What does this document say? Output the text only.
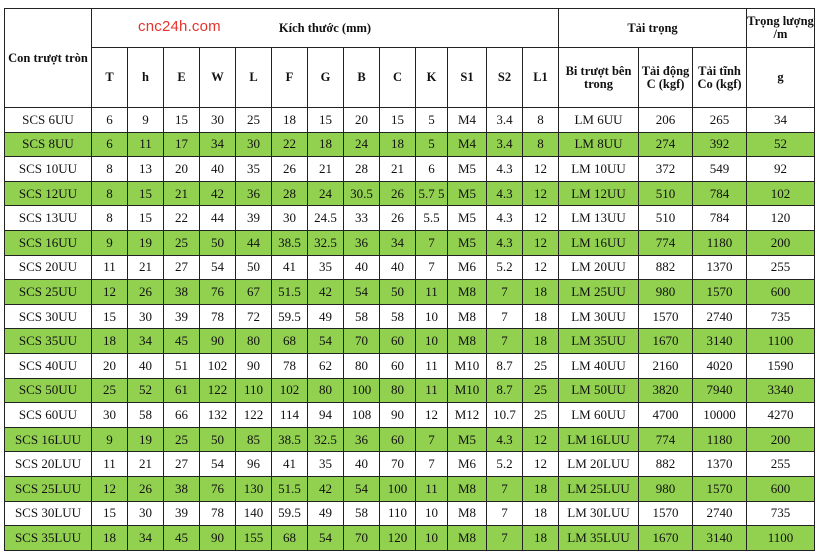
Con trượt tròn	Kích thước (mm)													Tải trọng			Trọng lượng /m
	T	h	E	W	L	F	G	B	C	K	S1	S2	L1	Bi trượt bên trong	Tải động C (kgf)	Tải tĩnh Co (kgf)	g
SCS 6UU	6	9	15	30	25	18	15	20	15	5	M4	3.4	8	LM 6UU	206	265	34
SCS 8UU	6	11	17	34	30	22	18	24	18	5	M4	3.4	8	LM 8UU	274	392	52
SCS 10UU	8	13	20	40	35	26	21	28	21	6	M5	4.3	12	LM 10UU	372	549	92
SCS 12UU	8	15	21	42	36	28	24	30.5	26	5.7 5	M5	4.3	12	LM 12UU	510	784	102
SCS 13UU	8	15	22	44	39	30	24.5	33	26	5.5	M5	4.3	12	LM 13UU	510	784	120
SCS 16UU	9	19	25	50	44	38.5	32.5	36	34	7	M5	4.3	12	LM 16UU	774	1180	200
SCS 20UU	11	21	27	54	50	41	35	40	40	7	M6	5.2	12	LM 20UU	882	1370	255
SCS 25UU	12	26	38	76	67	51.5	42	54	50	11	M8	7	18	LM 25UU	980	1570	600
SCS 30UU	15	30	39	78	72	59.5	49	58	58	10	M8	7	18	LM 30UU	1570	2740	735
SCS 35UU	18	34	45	90	80	68	54	70	60	10	M8	7	18	LM 35UU	1670	3140	1100
SCS 40UU	20	40	51	102	90	78	62	80	60	11	M10	8.7	25	LM 40UU	2160	4020	1590
SCS 50UU	25	52	61	122	110	102	80	100	80	11	M10	8.7	25	LM 50UU	3820	7940	3340
SCS 60UU	30	58	66	132	122	114	94	108	90	12	M12	10.7	25	LM 60UU	4700	10000	4270
SCS 16LUU	9	19	25	50	85	38.5	32.5	36	60	7	M5	4.3	12	LM 16LUU	774	1180	200
SCS 20LUU	11	21	27	54	96	41	35	40	70	7	M6	5.2	12	LM 20LUU	882	1370	255
SCS 25LUU	12	26	38	76	130	51.5	42	54	100	11	M8	7	18	LM 25LUU	980	1570	600
SCS 30LUU	15	30	39	78	140	59.5	49	58	110	10	M8	7	18	LM 30LUU	1570	2740	735
SCS 35LUU	18	34	45	90	155	68	54	70	120	10	M8	7	18	LM 35LUU	1670	3140	1100
cnc24h.com
